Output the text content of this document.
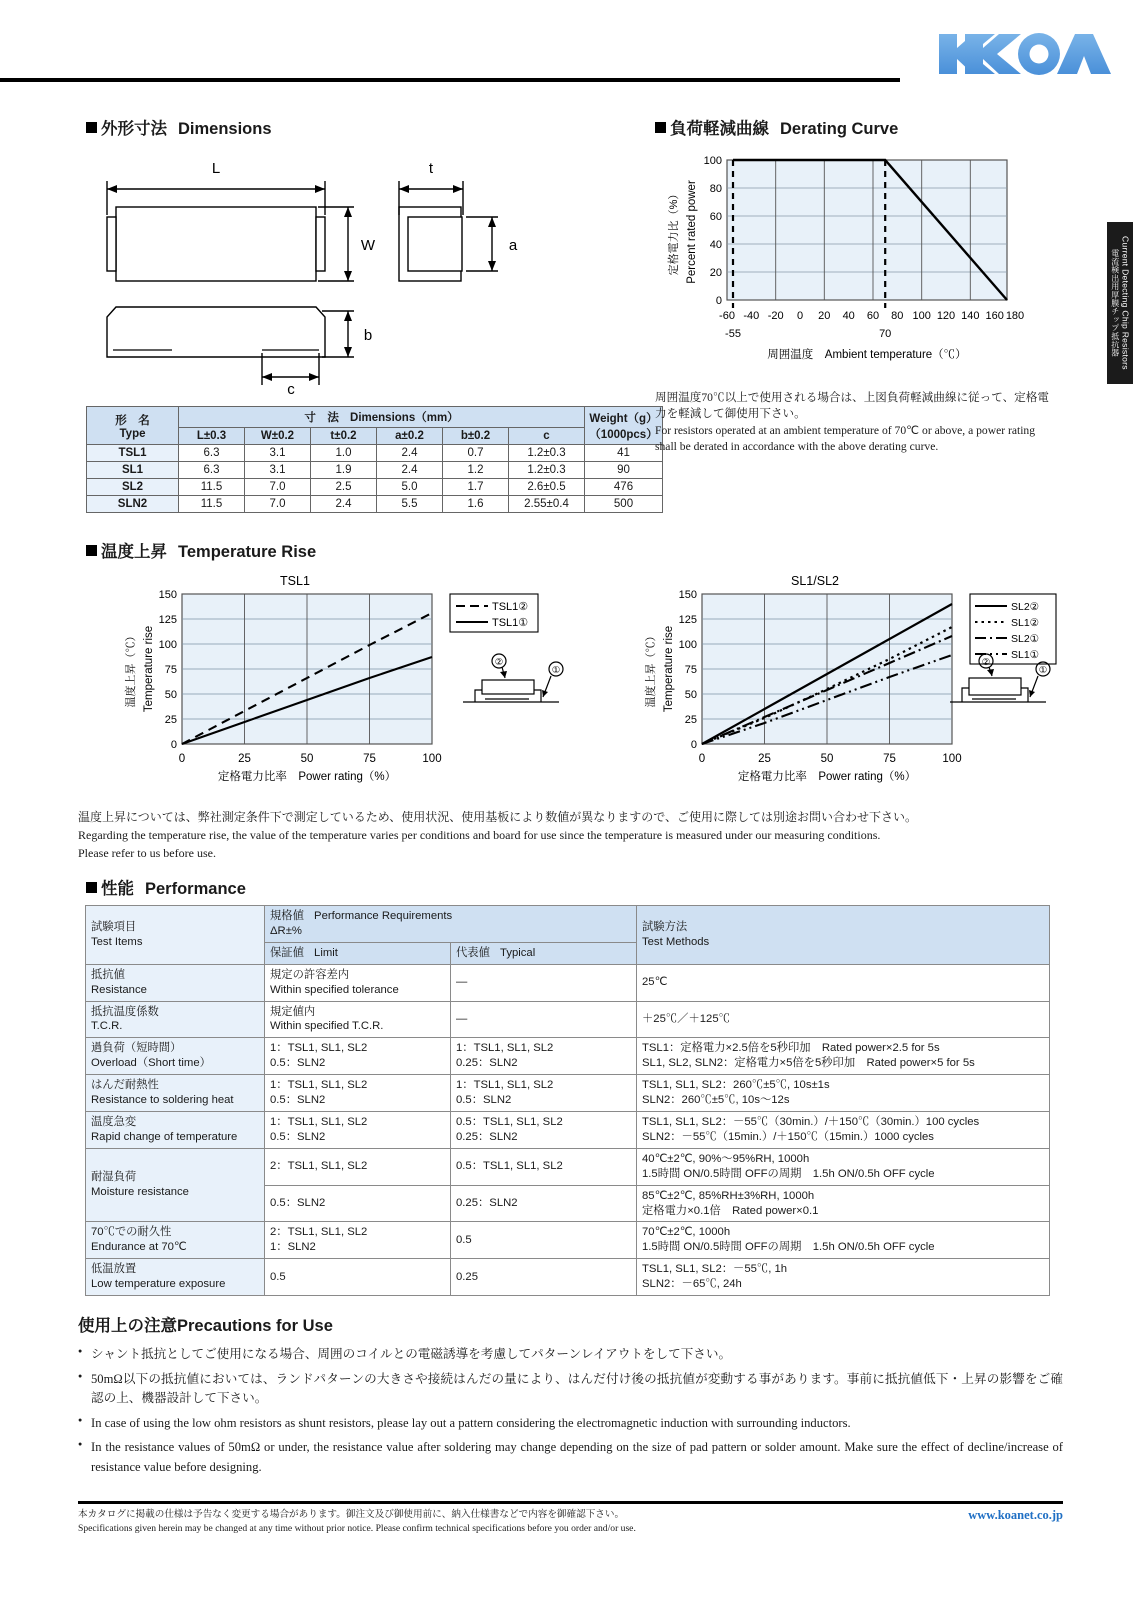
電流検出用厚膜チップ抵抗器 Current Detecting Chip Resistors
外形寸法 Dimensions
L
W
t
a
b
c
形　名
Type	寸　法 Dimensions（mm）						Weight（g）
（1000pcs）
	L±0.3	W±0.2	t±0.2	a±0.2	b±0.2	c	
TSL1	6.3	3.1	1.0	2.4	0.7	1.2±0.3	41
SL1	6.3	3.1	1.9	2.4	1.2	1.2±0.3	90
SL2	11.5	7.0	2.5	5.0	1.7	2.6±0.5	476
SLN2	11.5	7.0	2.4	5.5	1.6	2.55±0.4	500
負荷軽減曲線 Derating Curve
100
80
60
40
20
0
-60 -40 -20 0 20 40 60 80 100 120 140 160 180
-55	70
周囲温度　Ambient temperature（℃）
定格電力比（%） Percent rated power
周囲温度70℃以上で使用される場合は、上図負荷軽減曲線に従って、定格電力を軽減して御使用下さい。
For resistors operated at an ambient temperature of 70℃ or above, a power rating shall be derated in accordance with the above derating curve.
温度上昇 Temperature Rise
TSL1
150
125
100
75
50
25
0
0	25	50	75	100
定格電力比率　Power rating（%）
温度上昇（℃） Temperature rise
TSL1②
TSL1①
②
①
SL1/SL2
150
125
100
75
50
25
0
0	25	50	75	100
定格電力比率　Power rating（%）
温度上昇（℃） Temperature rise
SL2②
SL1②
SL2①
SL1①
②
①
温度上昇については、弊社測定条件下で測定しているため、使用状況、使用基板により数値が異なりますので、ご使用に際しては別途お問い合わせ下さい。
Regarding the temperature rise, the value of the temperature varies per conditions and board for use since the temperature is measured under our measuring conditions.
Please refer to us before use.
性能 Performance
試験項目
Test Items	規格値 Performance Requirements
ΔR±%		試験方法
Test Methods
	保証値 Limit	代表値 Typical	
抵抗値
Resistance	規定の許容差内
Within specified tolerance	—	25℃
抵抗温度係数
T.C.R.	規定値内
Within specified T.C.R.	—	＋25℃／＋125℃
過負荷（短時間）
Overload（Short time）	1：TSL1, SL1, SL2
0.5：SLN2	1：TSL1, SL1, SL2
0.25：SLN2	TSL1：定格電力×2.5倍を5秒印加　Rated power×2.5 for 5s
SL1, SL2, SLN2：定格電力×5倍を5秒印加　Rated power×5 for 5s
はんだ耐熱性
Resistance to soldering heat	1：TSL1, SL1, SL2
0.5：SLN2	1：TSL1, SL1, SL2
0.5：SLN2	TSL1, SL1, SL2：260℃±5℃, 10s±1s
SLN2：260℃±5℃, 10s〜12s
温度急変
Rapid change of temperature	1：TSL1, SL1, SL2
0.5：SLN2	0.5：TSL1, SL1, SL2
0.25：SLN2	TSL1, SL1, SL2：－55℃（30min.）/＋150℃（30min.）100 cycles
SLN2：－55℃（15min.）/＋150℃（15min.）1000 cycles
耐湿負荷
Moisture resistance	2：TSL1, SL1, SL2	0.5：TSL1, SL1, SL2	40℃±2℃, 90%〜95%RH, 1000h
1.5時間 ON/0.5時間 OFFの周期　1.5h ON/0.5h OFF cycle
	0.5：SLN2	0.25：SLN2	85℃±2℃, 85%RH±3%RH, 1000h
定格電力×0.1倍　Rated power×0.1
70℃での耐久性
Endurance at 70℃	2：TSL1, SL1, SL2
1：SLN2	0.5	70℃±2℃, 1000h
1.5時間 ON/0.5時間 OFFの周期　1.5h ON/0.5h OFF cycle
低温放置
Low temperature exposure	0.5	0.25	TSL1, SL1, SL2：－55℃, 1h
SLN2：－65℃, 24h
使用上の注意Precautions for Use
● シャント抵抗としてご使用になる場合、周囲のコイルとの電磁誘導を考慮してパターンレイアウトをして下さい。
● 50mΩ以下の抵抗値においては、ランドパターンの大きさや接続はんだの量により、はんだ付け後の抵抗値が変動する事があります。事前に抵抗値低下・上昇の影響をご確認の上、機器設計して下さい。
● In case of using the low ohm resistors as shunt resistors, please lay out a pattern considering the electromagnetic induction with surrounding inductors.
● In the resistance values of 50mΩ or under, the resistance value after soldering may change depending on the size of pad pattern or solder amount. Make sure the effect of decline/increase of resistance value before designing.
本カタログに掲載の仕様は予告なく変更する場合があります。御注文及び御使用前に、納入仕様書などで内容を御確認下さい。
Specifications given herein may be changed at any time without prior notice. Please confirm technical specifications before you order and/or use.
www.koanet.co.jp
